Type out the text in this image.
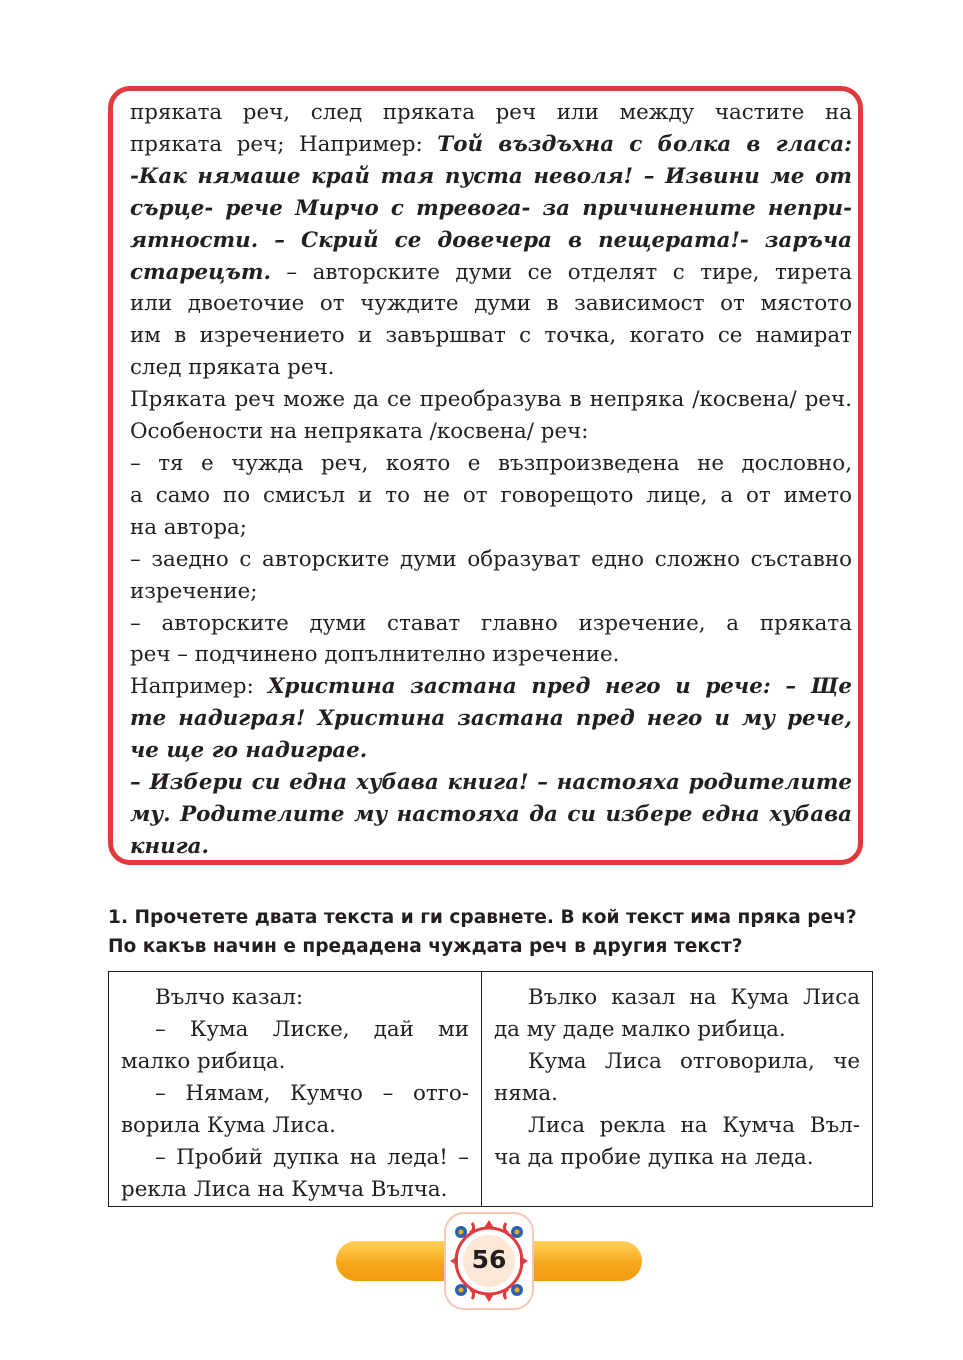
пряката реч, след пряката реч или между частите на
пряката реч; Например: Той въздъхна с болка в гласа:
-Как нямаше край тая пуста неволя! – Извини ме от
сърце- рече Мирчо с тревога- за причинените непри-
ятности. – Скрий се довечера в пещерата!- заръча
старецът. – авторските думи се отделят с тире, тирета
или двоеточие от чуждите думи в зависимост от мястото
им в изречението и завършват с точка, когато се намират
след пряката реч.
Пряката реч може да се преобразува в непряка /косвена/ реч.
Особености на непряката /косвена/ реч:
– тя е чужда реч, която е възпроизведена не дословно,
а само по смисъл и то не от говорещото лице, а от името
на автора;
– заедно с авторските думи образуват едно сложно съставно
изречение;
– авторските думи стават главно изречение, а пряката
реч – подчинено допълнително изречение.
Например: Христина застана пред него и рече: – Ще
те надиграя! Христина застана пред него и му рече,
че ще го надиграе.
– Избери си една хубава книга! – настояха родителите
му. Родителите му настояха да си избере една хубава
книга.

1. Прочетете двата текста и ги сравнете. В кой текст има пряка реч? По какъв начин е предадена чуждата реч в другия текст?

Вълчо казал:
– Кума Лиске, дай ми
малко рибица.
– Нямам, Кумчо – отго-
ворила Кума Лиса.
– Пробий дупка на леда! –
рекла Лиса на Кумча Вълча.

Вълко казал на Кума Лиса
да му даде малко рибица.
Кума Лиса отговорила, че
няма.
Лиса рекла на Кумча Въл-
ча да пробие дупка на леда.
56
